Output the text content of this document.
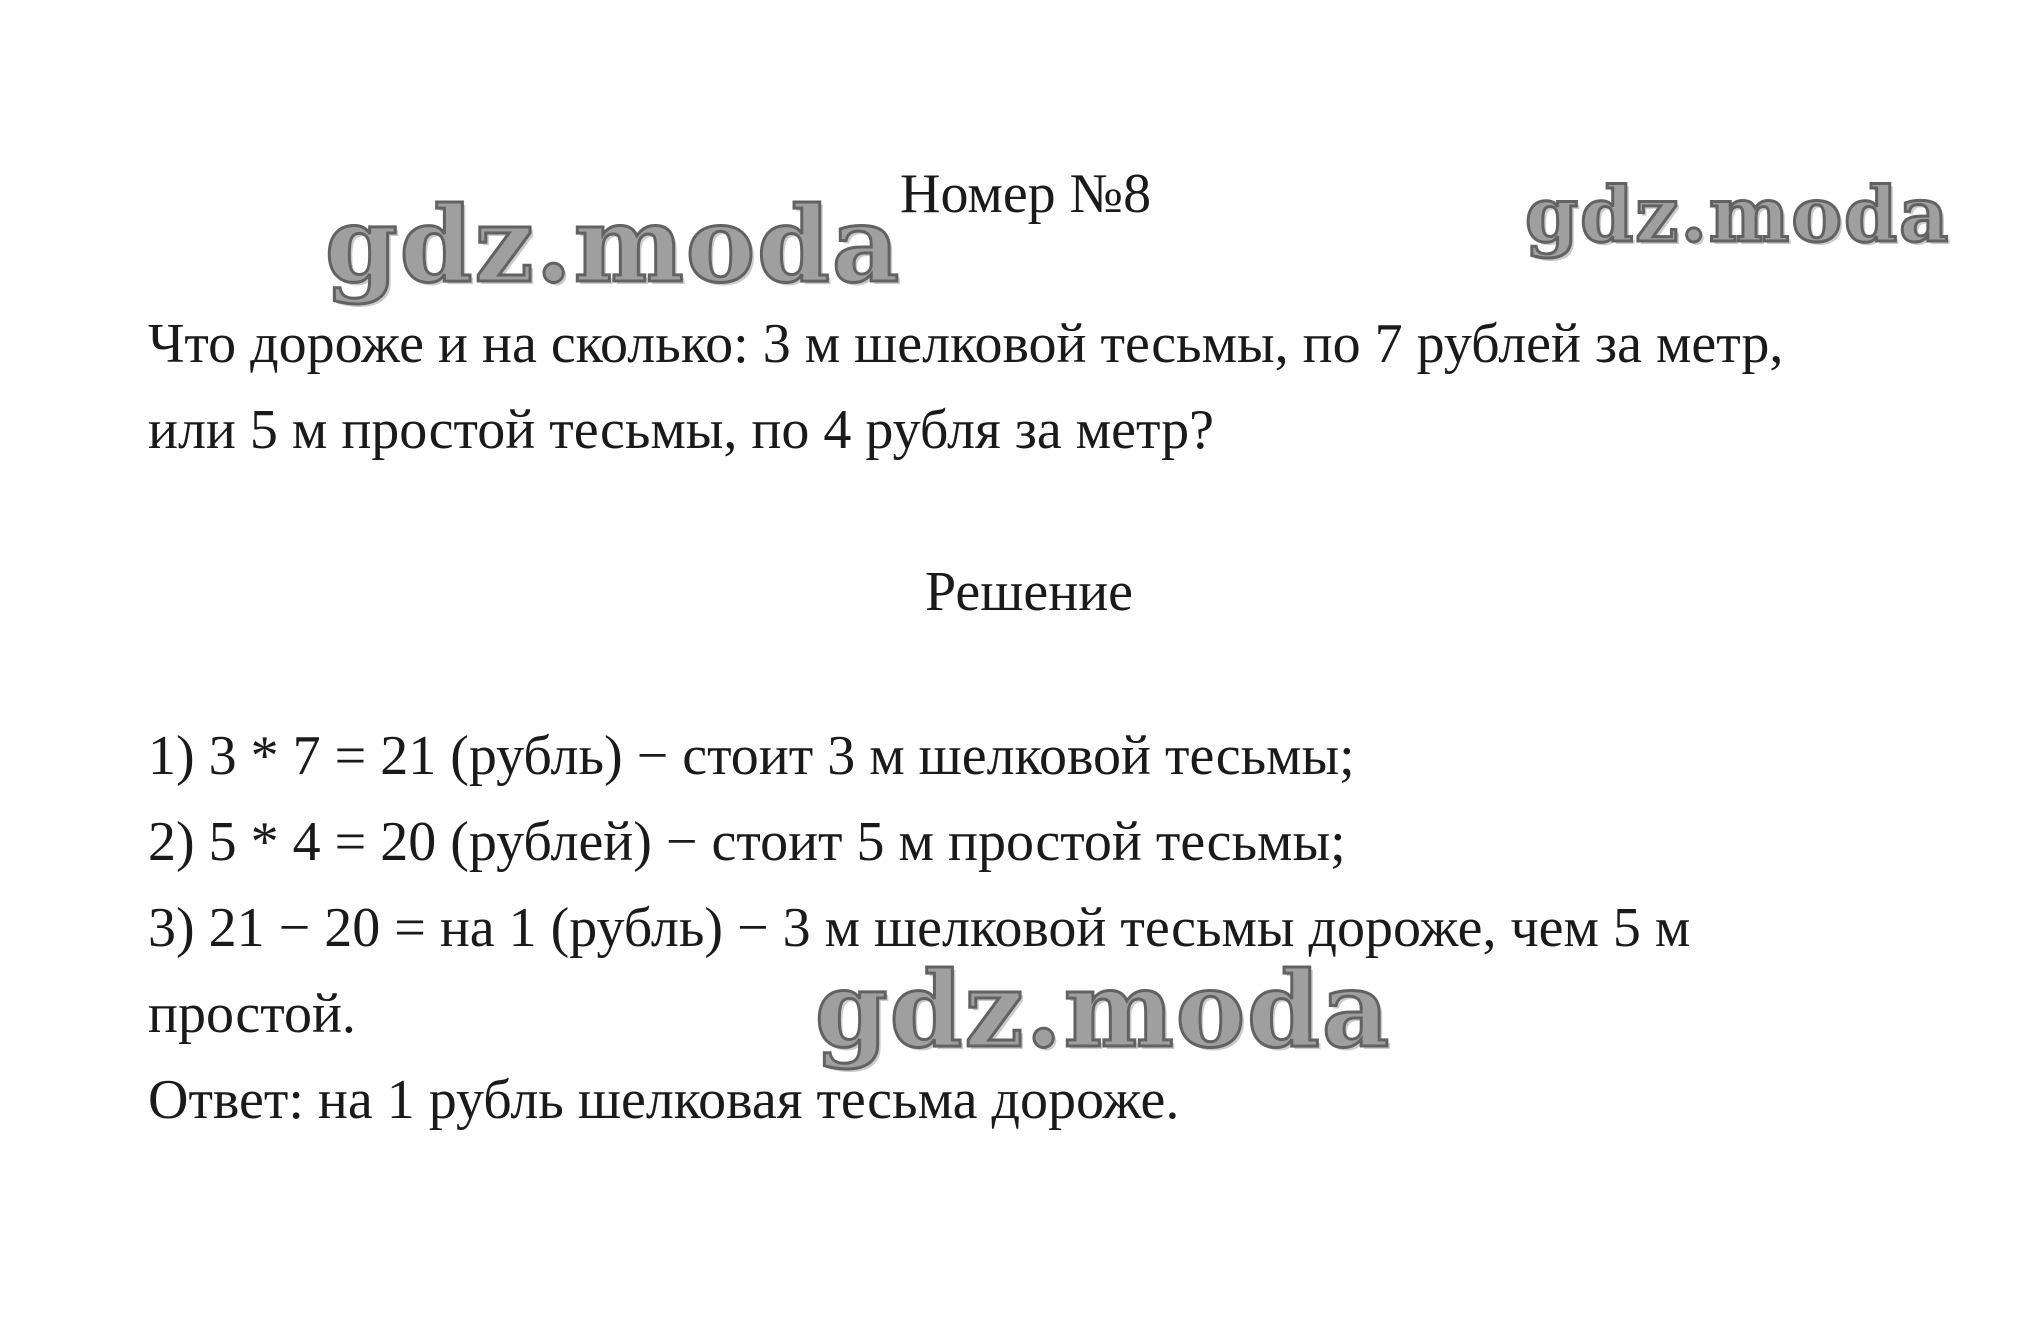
gdz.moda	gdz.moda
gdz.moda
Номер №8
Что дороже и на сколько: 3 м шелковой тесьмы, по 7 рублей за метр,
или 5 м простой тесьмы, по 4 рубля за метр?
Решение
1) 3 * 7 = 21 (рубль) − стоит 3 м шелковой тесьмы;
2) 5 * 4 = 20 (рублей) − стоит 5 м простой тесьмы;
3) 21 − 20 = на 1 (рубль) − 3 м шелковой тесьмы дороже, чем 5 м
простой.
Ответ: на 1 рубль шелковая тесьма дороже.
